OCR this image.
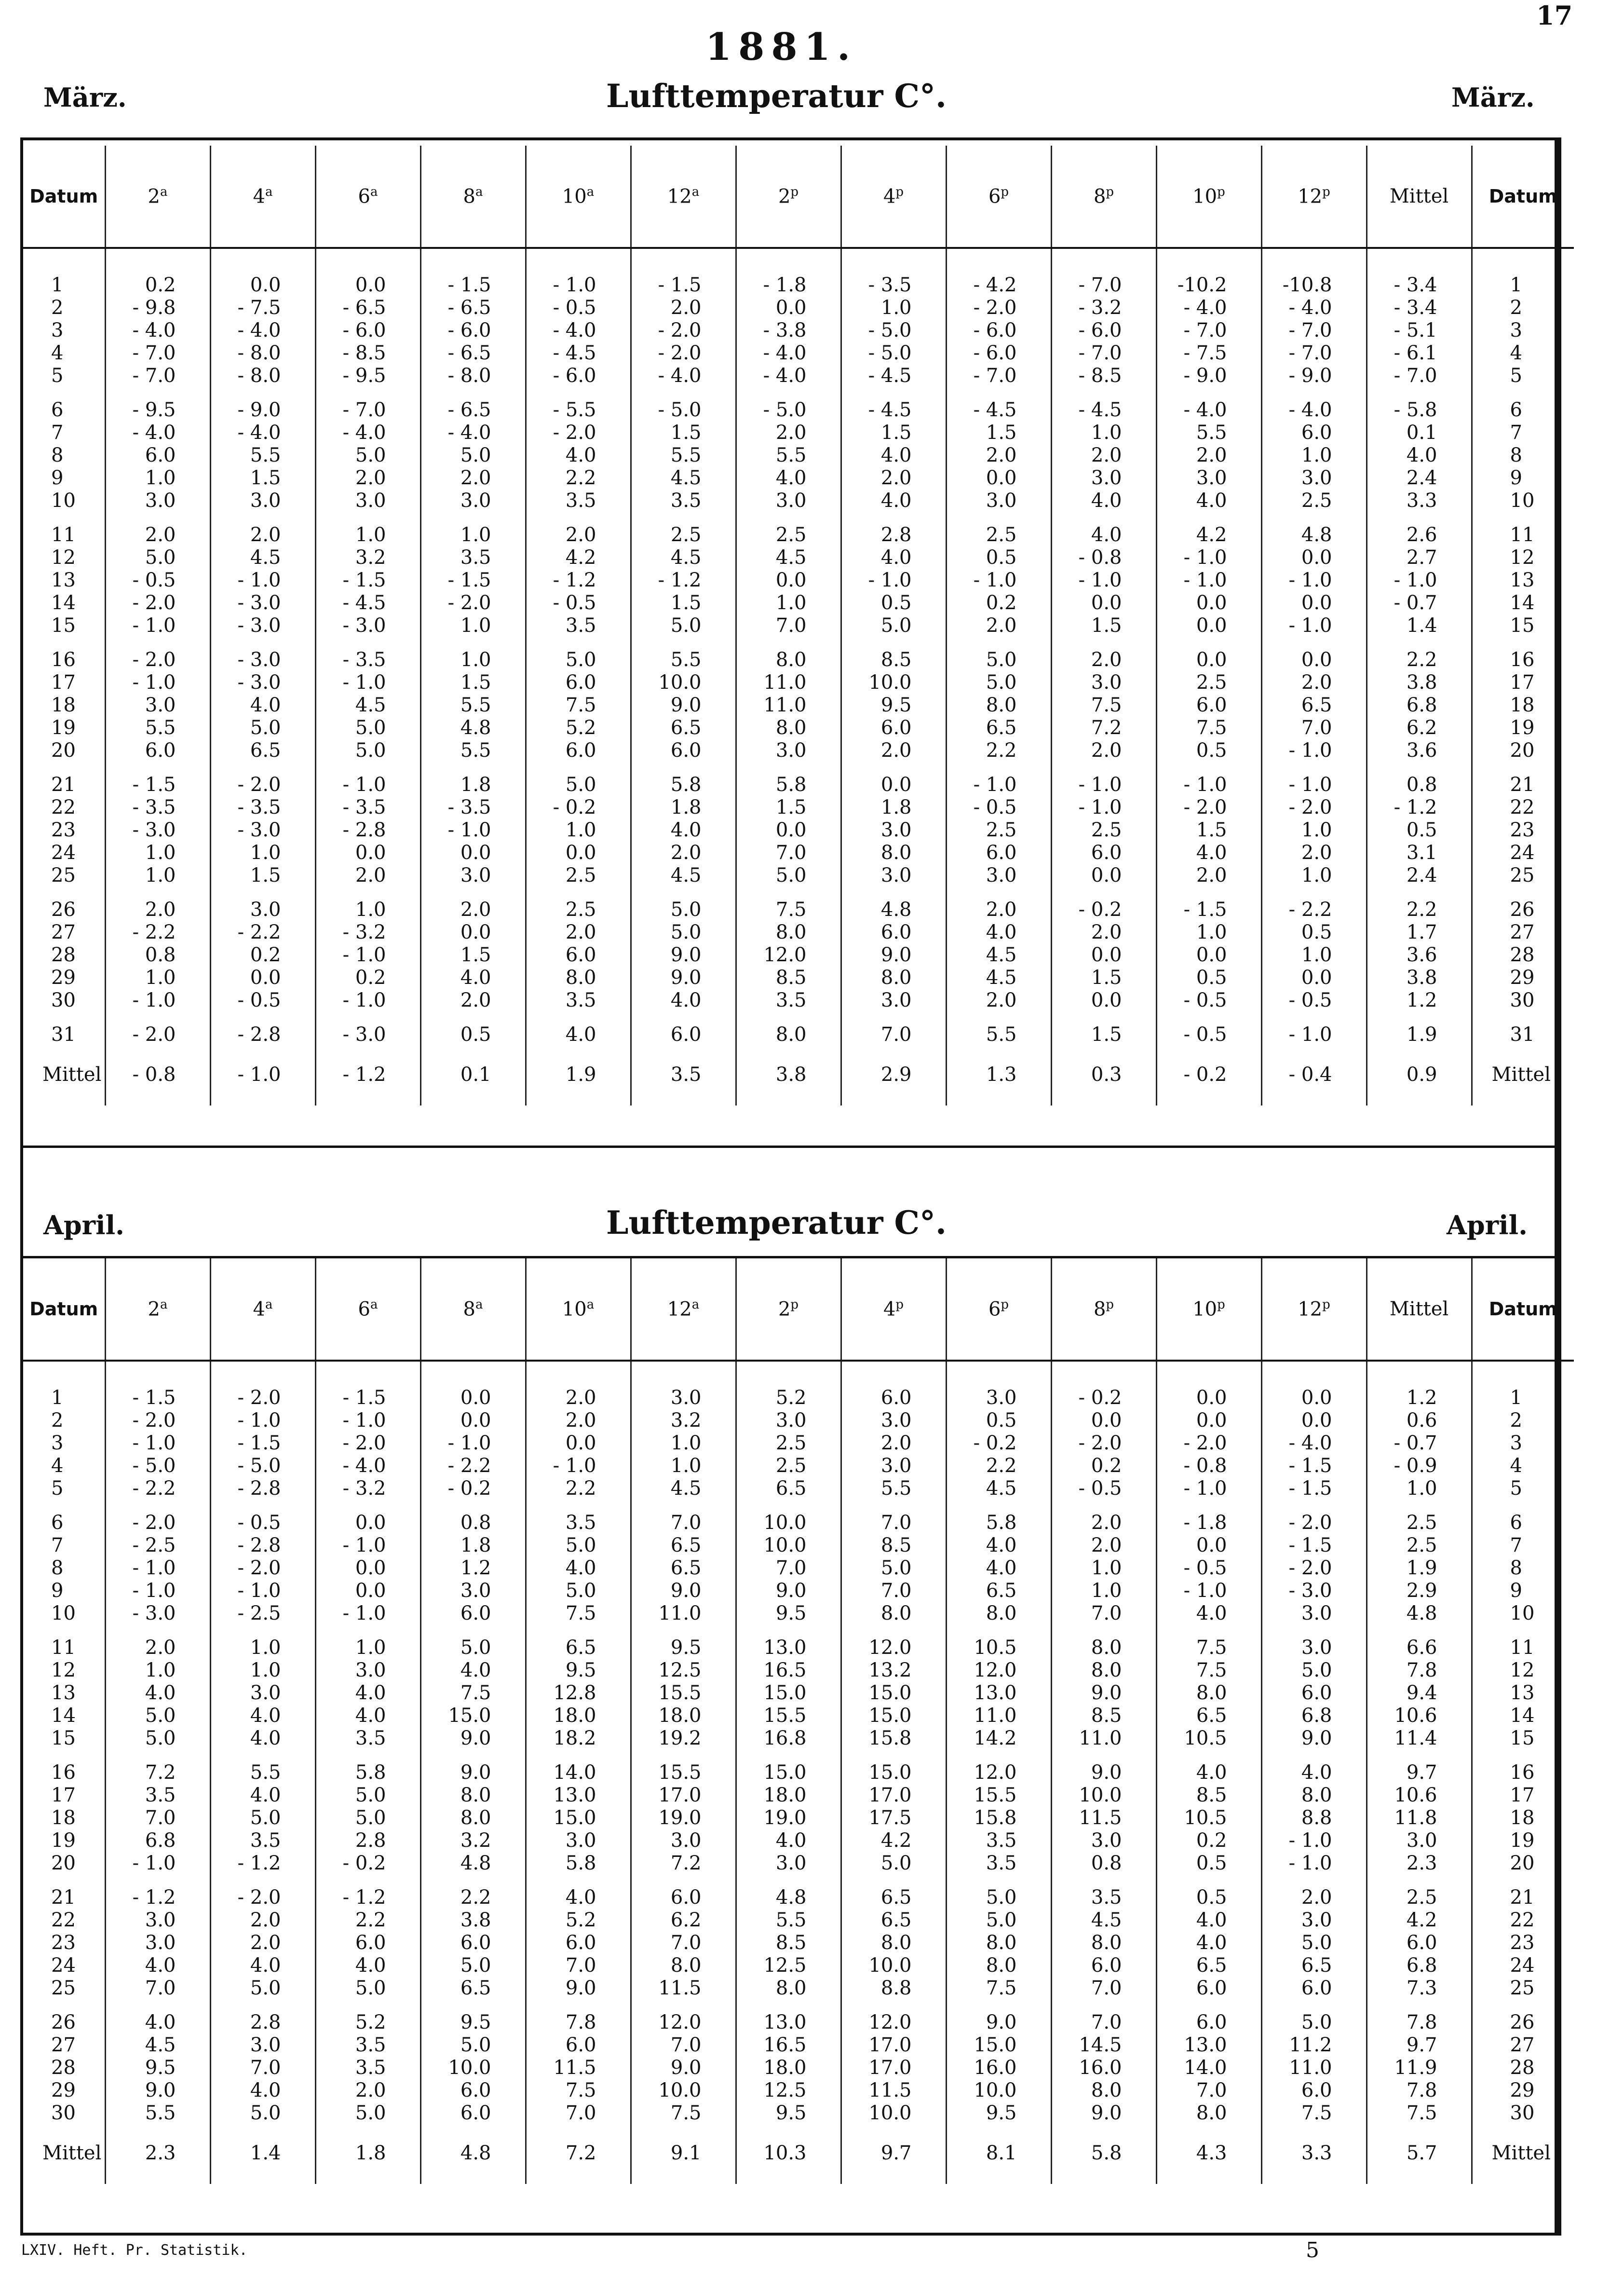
17
1881.
März.	Lufttemperatur C°.	März.
Datum	2$^a$	4$^a$	6$^a$	8$^a$	10$^a$	12$^a$	2$^p$	4$^p$	6$^p$	8$^p$	10$^p$	12$^p$	Mittel	Datum
1	0.2	0.0	0.0	- 1.5	- 1.0	- 1.5	- 1.8	- 3.5	- 4.2	- 7.0	-10.2	-10.8	- 3.4	1
2	- 9.8	- 7.5	- 6.5	- 6.5	- 0.5	2.0	0.0	1.0	- 2.0	- 3.2	- 4.0	- 4.0	- 3.4	2
3	- 4.0	- 4.0	- 6.0	- 6.0	- 4.0	- 2.0	- 3.8	- 5.0	- 6.0	- 6.0	- 7.0	- 7.0	- 5.1	3
4	- 7.0	- 8.0	- 8.5	- 6.5	- 4.5	- 2.0	- 4.0	- 5.0	- 6.0	- 7.0	- 7.5	- 7.0	- 6.1	4
5	- 7.0	- 8.0	- 9.5	- 8.0	- 6.0	- 4.0	- 4.0	- 4.5	- 7.0	- 8.5	- 9.0	- 9.0	- 7.0	5
6	- 9.5	- 9.0	- 7.0	- 6.5	- 5.5	- 5.0	- 5.0	- 4.5	- 4.5	- 4.5	- 4.0	- 4.0	- 5.8	6
7	- 4.0	- 4.0	- 4.0	- 4.0	- 2.0	1.5	2.0	1.5	1.5	1.0	5.5	6.0	0.1	7
8	6.0	5.5	5.0	5.0	4.0	5.5	5.5	4.0	2.0	2.0	2.0	1.0	4.0	8
9	1.0	1.5	2.0	2.0	2.2	4.5	4.0	2.0	0.0	3.0	3.0	3.0	2.4	9
10	3.0	3.0	3.0	3.0	3.5	3.5	3.0	4.0	3.0	4.0	4.0	2.5	3.3	10
11	2.0	2.0	1.0	1.0	2.0	2.5	2.5	2.8	2.5	4.0	4.2	4.8	2.6	11
12	5.0	4.5	3.2	3.5	4.2	4.5	4.5	4.0	0.5	- 0.8	- 1.0	0.0	2.7	12
13	- 0.5	- 1.0	- 1.5	- 1.5	- 1.2	- 1.2	0.0	- 1.0	- 1.0	- 1.0	- 1.0	- 1.0	- 1.0	13
14	- 2.0	- 3.0	- 4.5	- 2.0	- 0.5	1.5	1.0	0.5	0.2	0.0	0.0	0.0	- 0.7	14
15	- 1.0	- 3.0	- 3.0	1.0	3.5	5.0	7.0	5.0	2.0	1.5	0.0	- 1.0	1.4	15
16	- 2.0	- 3.0	- 3.5	1.0	5.0	5.5	8.0	8.5	5.0	2.0	0.0	0.0	2.2	16
17	- 1.0	- 3.0	- 1.0	1.5	6.0	10.0	11.0	10.0	5.0	3.0	2.5	2.0	3.8	17
18	3.0	4.0	4.5	5.5	7.5	9.0	11.0	9.5	8.0	7.5	6.0	6.5	6.8	18
19	5.5	5.0	5.0	4.8	5.2	6.5	8.0	6.0	6.5	7.2	7.5	7.0	6.2	19
20	6.0	6.5	5.0	5.5	6.0	6.0	3.0	2.0	2.2	2.0	0.5	- 1.0	3.6	20
21	- 1.5	- 2.0	- 1.0	1.8	5.0	5.8	5.8	0.0	- 1.0	- 1.0	- 1.0	- 1.0	0.8	21
22	- 3.5	- 3.5	- 3.5	- 3.5	- 0.2	1.8	1.5	1.8	- 0.5	- 1.0	- 2.0	- 2.0	- 1.2	22
23	- 3.0	- 3.0	- 2.8	- 1.0	1.0	4.0	0.0	3.0	2.5	2.5	1.5	1.0	0.5	23
24	1.0	1.0	0.0	0.0	0.0	2.0	7.0	8.0	6.0	6.0	4.0	2.0	3.1	24
25	1.0	1.5	2.0	3.0	2.5	4.5	5.0	3.0	3.0	0.0	2.0	1.0	2.4	25
26	2.0	3.0	1.0	2.0	2.5	5.0	7.5	4.8	2.0	- 0.2	- 1.5	- 2.2	2.2	26
27	- 2.2	- 2.2	- 3.2	0.0	2.0	5.0	8.0	6.0	4.0	2.0	1.0	0.5	1.7	27
28	0.8	0.2	- 1.0	1.5	6.0	9.0	12.0	9.0	4.5	0.0	0.0	1.0	3.6	28
29	1.0	0.0	0.2	4.0	8.0	9.0	8.5	8.0	4.5	1.5	0.5	0.0	3.8	29
30	- 1.0	- 0.5	- 1.0	2.0	3.5	4.0	3.5	3.0	2.0	0.0	- 0.5	- 0.5	1.2	30
31	- 2.0	- 2.8	- 3.0	0.5	4.0	6.0	8.0	7.0	5.5	1.5	- 0.5	- 1.0	1.9	31
Mittel	- 0.8	- 1.0	- 1.2	0.1	1.9	3.5	3.8	2.9	1.3	0.3	- 0.2	- 0.4	0.9	Mittel
April.	Lufttemperatur C°.	April.
Datum	2$^a$	4$^a$	6$^a$	8$^a$	10$^a$	12$^a$	2$^p$	4$^p$	6$^p$	8$^p$	10$^p$	12$^p$	Mittel	Datum
1	- 1.5	- 2.0	- 1.5	0.0	2.0	3.0	5.2	6.0	3.0	- 0.2	0.0	0.0	1.2	1
2	- 2.0	- 1.0	- 1.0	0.0	2.0	3.2	3.0	3.0	0.5	0.0	0.0	0.0	0.6	2
3	- 1.0	- 1.5	- 2.0	- 1.0	0.0	1.0	2.5	2.0	- 0.2	- 2.0	- 2.0	- 4.0	- 0.7	3
4	- 5.0	- 5.0	- 4.0	- 2.2	- 1.0	1.0	2.5	3.0	2.2	0.2	- 0.8	- 1.5	- 0.9	4
5	- 2.2	- 2.8	- 3.2	- 0.2	2.2	4.5	6.5	5.5	4.5	- 0.5	- 1.0	- 1.5	1.0	5
6	- 2.0	- 0.5	0.0	0.8	3.5	7.0	10.0	7.0	5.8	2.0	- 1.8	- 2.0	2.5	6
7	- 2.5	- 2.8	- 1.0	1.8	5.0	6.5	10.0	8.5	4.0	2.0	0.0	- 1.5	2.5	7
8	- 1.0	- 2.0	0.0	1.2	4.0	6.5	7.0	5.0	4.0	1.0	- 0.5	- 2.0	1.9	8
9	- 1.0	- 1.0	0.0	3.0	5.0	9.0	9.0	7.0	6.5	1.0	- 1.0	- 3.0	2.9	9
10	- 3.0	- 2.5	- 1.0	6.0	7.5	11.0	9.5	8.0	8.0	7.0	4.0	3.0	4.8	10
11	2.0	1.0	1.0	5.0	6.5	9.5	13.0	12.0	10.5	8.0	7.5	3.0	6.6	11
12	1.0	1.0	3.0	4.0	9.5	12.5	16.5	13.2	12.0	8.0	7.5	5.0	7.8	12
13	4.0	3.0	4.0	7.5	12.8	15.5	15.0	15.0	13.0	9.0	8.0	6.0	9.4	13
14	5.0	4.0	4.0	15.0	18.0	18.0	15.5	15.0	11.0	8.5	6.5	6.8	10.6	14
15	5.0	4.0	3.5	9.0	18.2	19.2	16.8	15.8	14.2	11.0	10.5	9.0	11.4	15
16	7.2	5.5	5.8	9.0	14.0	15.5	15.0	15.0	12.0	9.0	4.0	4.0	9.7	16
17	3.5	4.0	5.0	8.0	13.0	17.0	18.0	17.0	15.5	10.0	8.5	8.0	10.6	17
18	7.0	5.0	5.0	8.0	15.0	19.0	19.0	17.5	15.8	11.5	10.5	8.8	11.8	18
19	6.8	3.5	2.8	3.2	3.0	3.0	4.0	4.2	3.5	3.0	0.2	- 1.0	3.0	19
20	- 1.0	- 1.2	- 0.2	4.8	5.8	7.2	3.0	5.0	3.5	0.8	0.5	- 1.0	2.3	20
21	- 1.2	- 2.0	- 1.2	2.2	4.0	6.0	4.8	6.5	5.0	3.5	0.5	2.0	2.5	21
22	3.0	2.0	2.2	3.8	5.2	6.2	5.5	6.5	5.0	4.5	4.0	3.0	4.2	22
23	3.0	2.0	6.0	6.0	6.0	7.0	8.5	8.0	8.0	8.0	4.0	5.0	6.0	23
24	4.0	4.0	4.0	5.0	7.0	8.0	12.5	10.0	8.0	6.0	6.5	6.5	6.8	24
25	7.0	5.0	5.0	6.5	9.0	11.5	8.0	8.8	7.5	7.0	6.0	6.0	7.3	25
26	4.0	2.8	5.2	9.5	7.8	12.0	13.0	12.0	9.0	7.0	6.0	5.0	7.8	26
27	4.5	3.0	3.5	5.0	6.0	7.0	16.5	17.0	15.0	14.5	13.0	11.2	9.7	27
28	9.5	7.0	3.5	10.0	11.5	9.0	18.0	17.0	16.0	16.0	14.0	11.0	11.9	28
29	9.0	4.0	2.0	6.0	7.5	10.0	12.5	11.5	10.0	8.0	7.0	6.0	7.8	29
30	5.5	5.0	5.0	6.0	7.0	7.5	9.5	10.0	9.5	9.0	8.0	7.5	7.5	30
Mittel	2.3	1.4	1.8	4.8	7.2	9.1	10.3	9.7	8.1	5.8	4.3	3.3	5.7	Mittel
LXIV. Heft. Pr. Statistik.	5
